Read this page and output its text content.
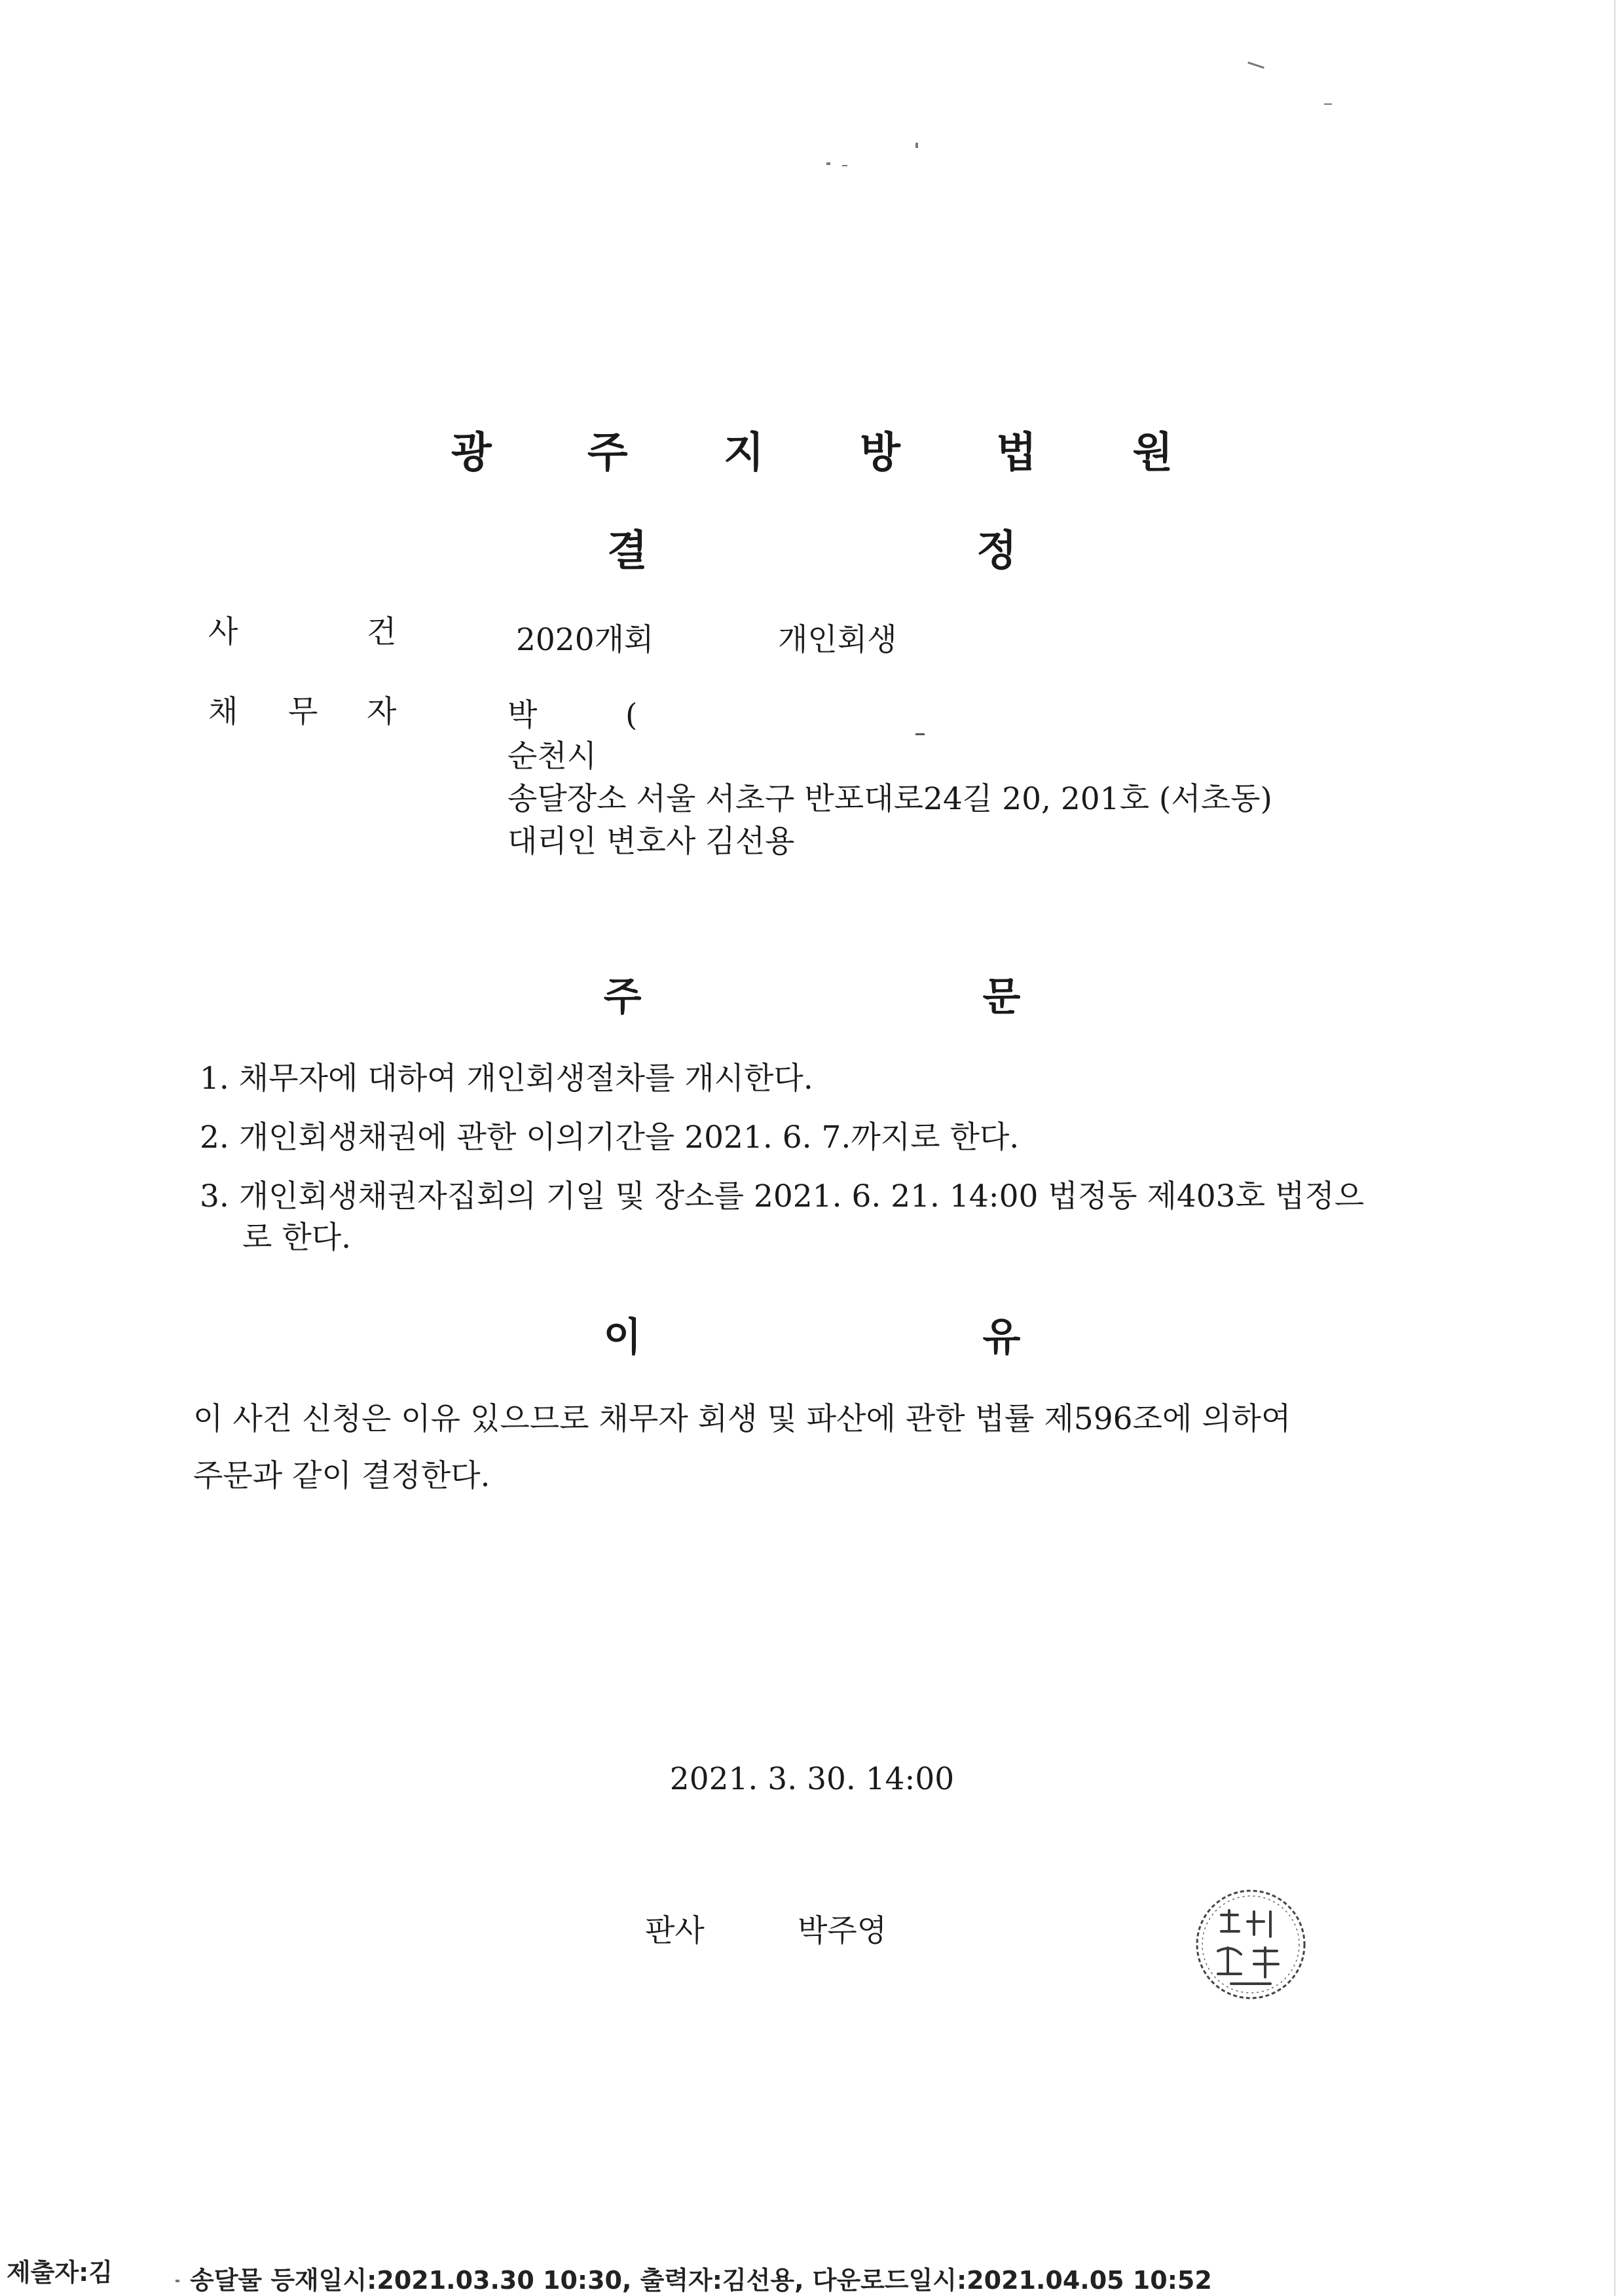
광 주 지 방 법 원
결 정
사	건	2020개회	개인회생
채 무 자	박	(
순천시
송달장소 서울 서초구 반포대로24길 20, 201호 (서초동)
대리인 변호사 김선용
주 문
1. 채무자에 대하여 개인회생절차를 개시한다.
2. 개인회생채권에 관한 이의기간을 2021. 6. 7.까지로 한다.
3. 개인회생채권자집회의 기일 및 장소를 2021. 6. 21. 14:00 법정동 제403호 법정으
로 한다.
이 유
이 사건 신청은 이유 있으므로 채무자 회생 및 파산에 관한 법률 제596조에 의하여
주문과 같이 결정한다.
2021. 3. 30. 14:00
판사	박주영
제출자:김	송달물 등재일시:2021.03.30 10:30, 출력자:김선용, 다운로드일시:2021.04.05 10:52
